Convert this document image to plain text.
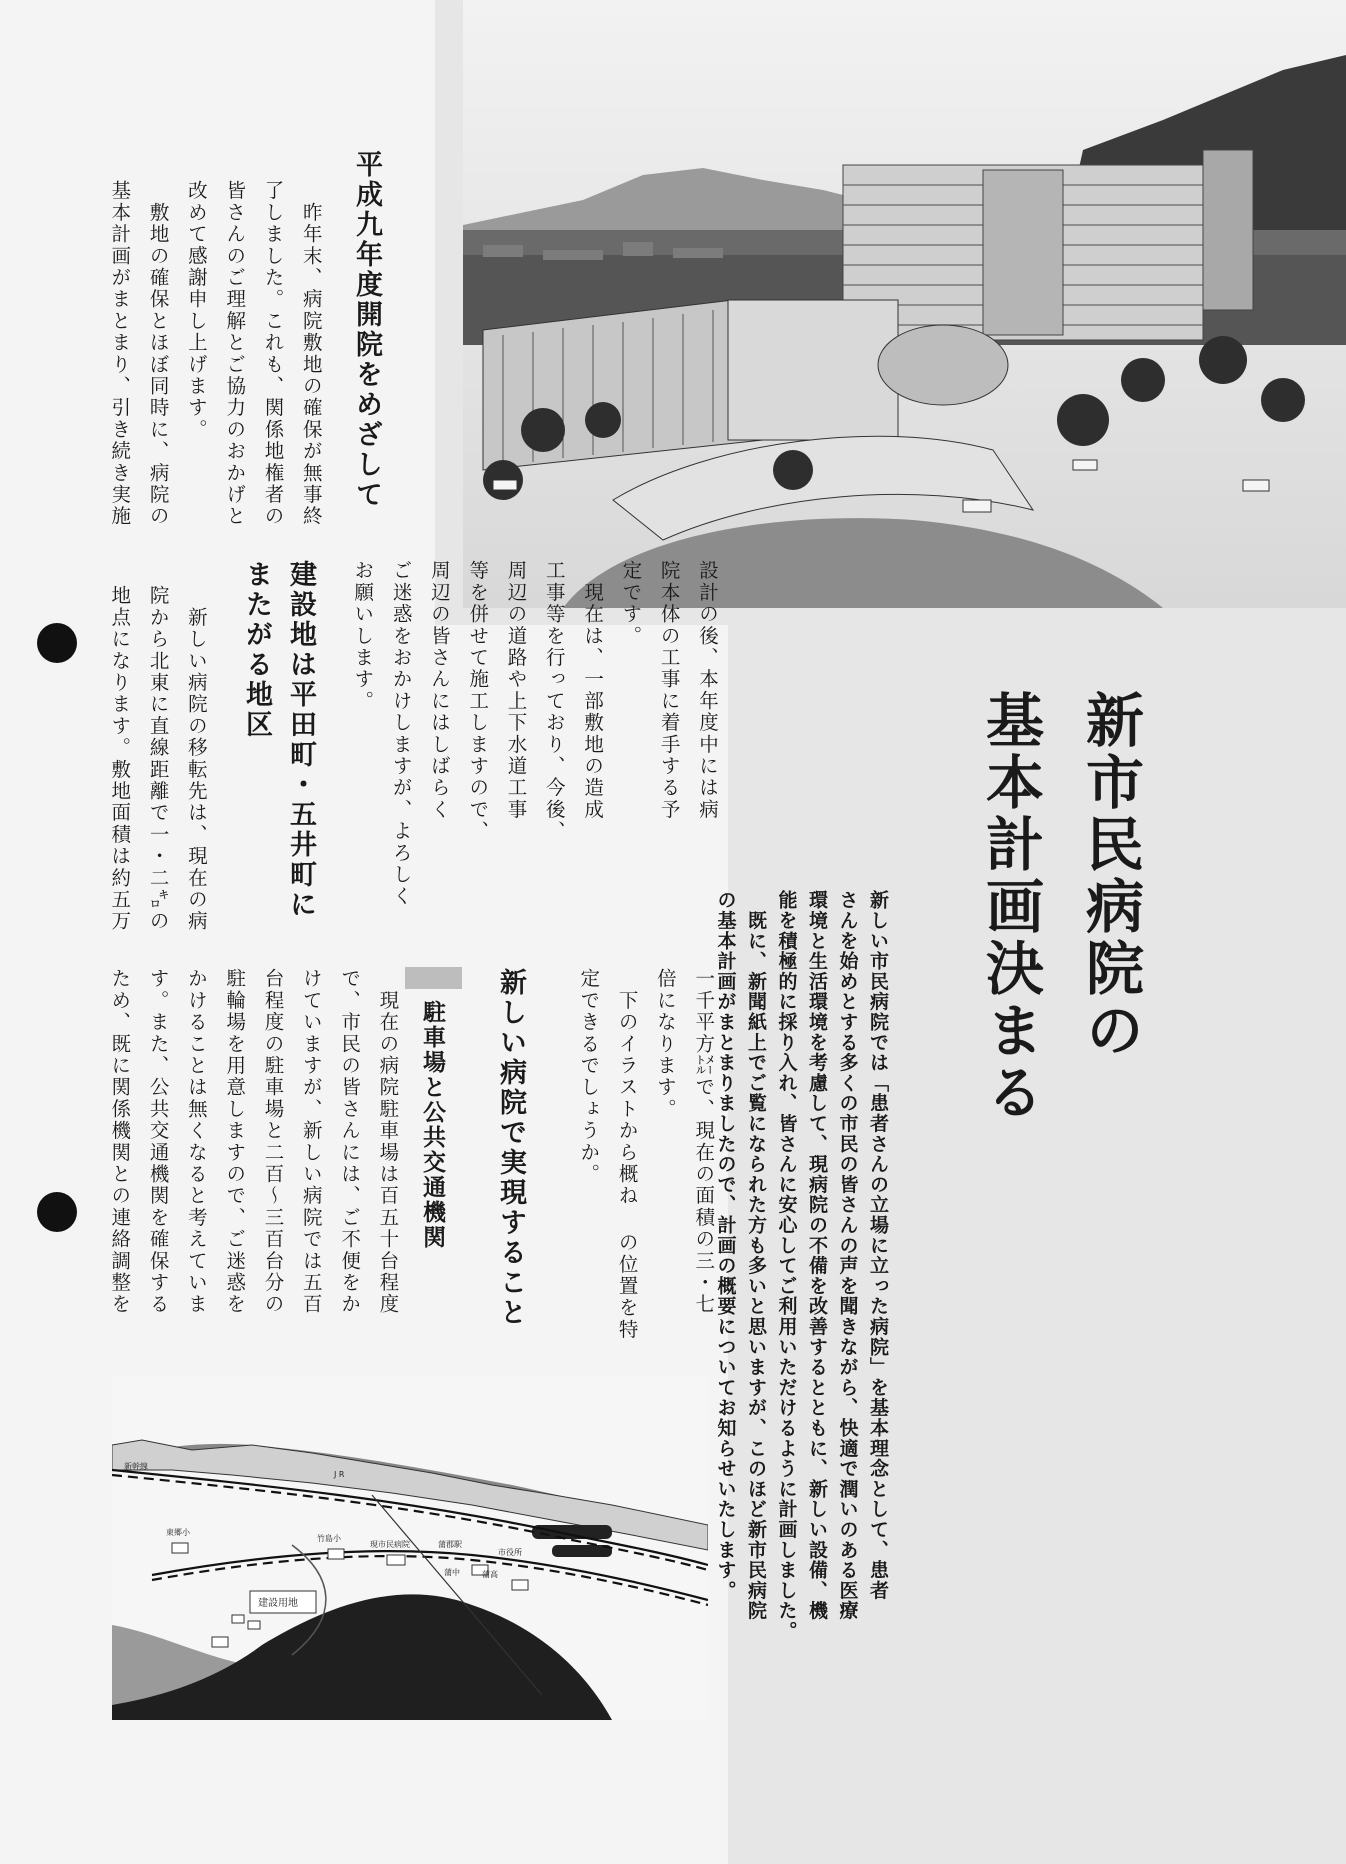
新市民病院の
基本計画決まる
新しい市民病院では「患者さんの立場に立った病院」を基本理念として、患者
さんを始めとする多くの市民の皆さんの声を聞きながら、快適で潤いのある医療
環境と生活環境を考慮して、現病院の不備を改善するとともに、新しい設備、機
能を積極的に採り入れ、皆さんに安心してご利用いただけるように計画しました。
　既に、新聞紙上でご覧になられた方も多いと思いますが、このほど新市民病院
の基本計画がまとまりましたので、計画の概要についてお知らせいたします。
平成九年度開院をめざして
　昨年末、病院敷地の確保が無事終
了しました。これも、関係地権者の
皆さんのご理解とご協力のおかげと
改めて感謝申し上げます。
　敷地の確保とほぼ同時に、病院の
基本計画がまとまり、引き続き実施
設計の後、本年度中には病
院本体の工事に着手する予
定です。
　現在は、一部敷地の造成
工事等を行っており、今後、
周辺の道路や上下水道工事
等を併せて施工しますので、
周辺の皆さんにはしばらく
ご迷惑をおかけしますが、よろしく
お願いします。
建設地は平田町・五井町に
またがる地区
　新しい病院の移転先は、現在の病
院から北東に直線距離で一・二㌔の
地点になります。敷地面積は約五万
一千平方㍍で、現在の面積の三・七
倍になります。
　下のイラストから概ね の位置を特
定できるでしょうか。
新しい病院で実現すること
駐車場と公共交通機関
　現在の病院駐車場は百五十台程度
で、市民の皆さんには、ご不便をか
けていますが、新しい病院では五百
台程度の駐車場と二百～三百台分の
駐輪場を用意しますので、ご迷惑を
かけることは無くなると考えていま
す。また、公共交通機関を確保する
ため、既に関係機関との連絡調整を
新幹線
J R
東郷小
竹島小
現市民病院	蒲郡駅
市役所
蒲中	蒲高
建設用地
